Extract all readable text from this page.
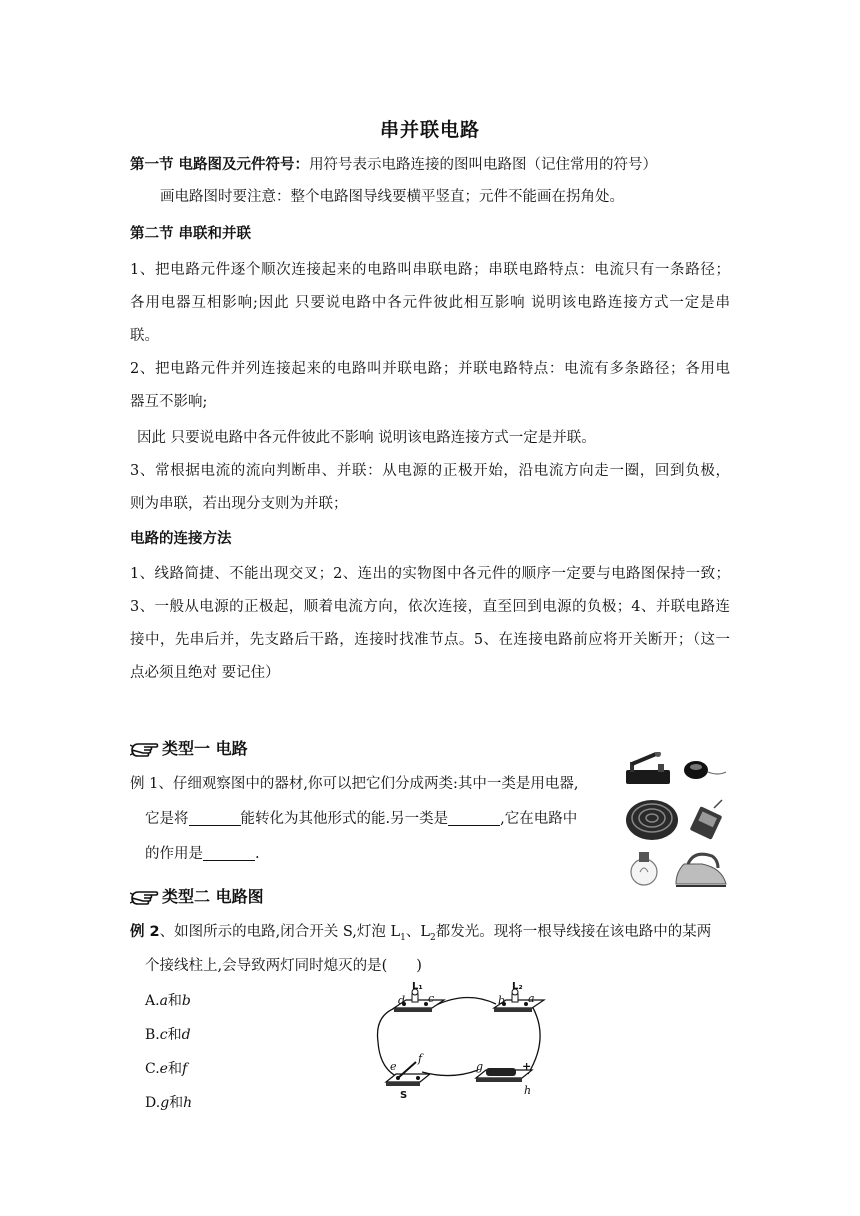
串并联电路
第一节 电路图及元件符号：用符号表示电路连接的图叫电路图（记住常用的符号）
画电路图时要注意：整个电路图导线要横平竖直；元件不能画在拐角处。
第二节 串联和并联
1、把电路元件逐个顺次连接起来的电路叫串联电路；串联电路特点：电流只有一条路径；
各用电器互相影响;因此 只要说电路中各元件彼此相互影响 说明该电路连接方式一定是串
联。
2、把电路元件并列连接起来的电路叫并联电路；并联电路特点：电流有多条路径；各用电
器互不影响;
因此 只要说电路中各元件彼此不影响 说明该电路连接方式一定是并联。
3、常根据电流的流向判断串、并联：从电源的正极开始，沿电流方向走一圈，回到负极，
则为串联，若出现分支则为并联；
电路的连接方法
1、线路简捷、不能出现交叉；2、连出的实物图中各元件的顺序一定要与电路图保持一致；
3、一般从电源的正极起，顺着电流方向，依次连接，直至回到电源的负极；4、并联电路连
接中，先串后并，先支路后干路，连接时找准节点。5、在连接电路前应将开关断开；（这一
点必须且绝对 要记住）
类型一 电路
例 1、仔细观察图中的器材,你可以把它们分成两类:其中一类是用电器,
它是将	能转化为其他形式的能.另一类是	,它在电路中
的作用是	.
类型二 电路图
例 2、如图所示的电路,闭合开关 S,灯泡 $L_1$、$L_2$都发光。现将一根导线接在该电路中的某两
个接线柱上,会导致两灯同时熄灭的是(　　)
A.a和b
B.c和d
C.e和f
D.g和h
L₁	L₂
d c	b a
e
f
g	+
h
S
